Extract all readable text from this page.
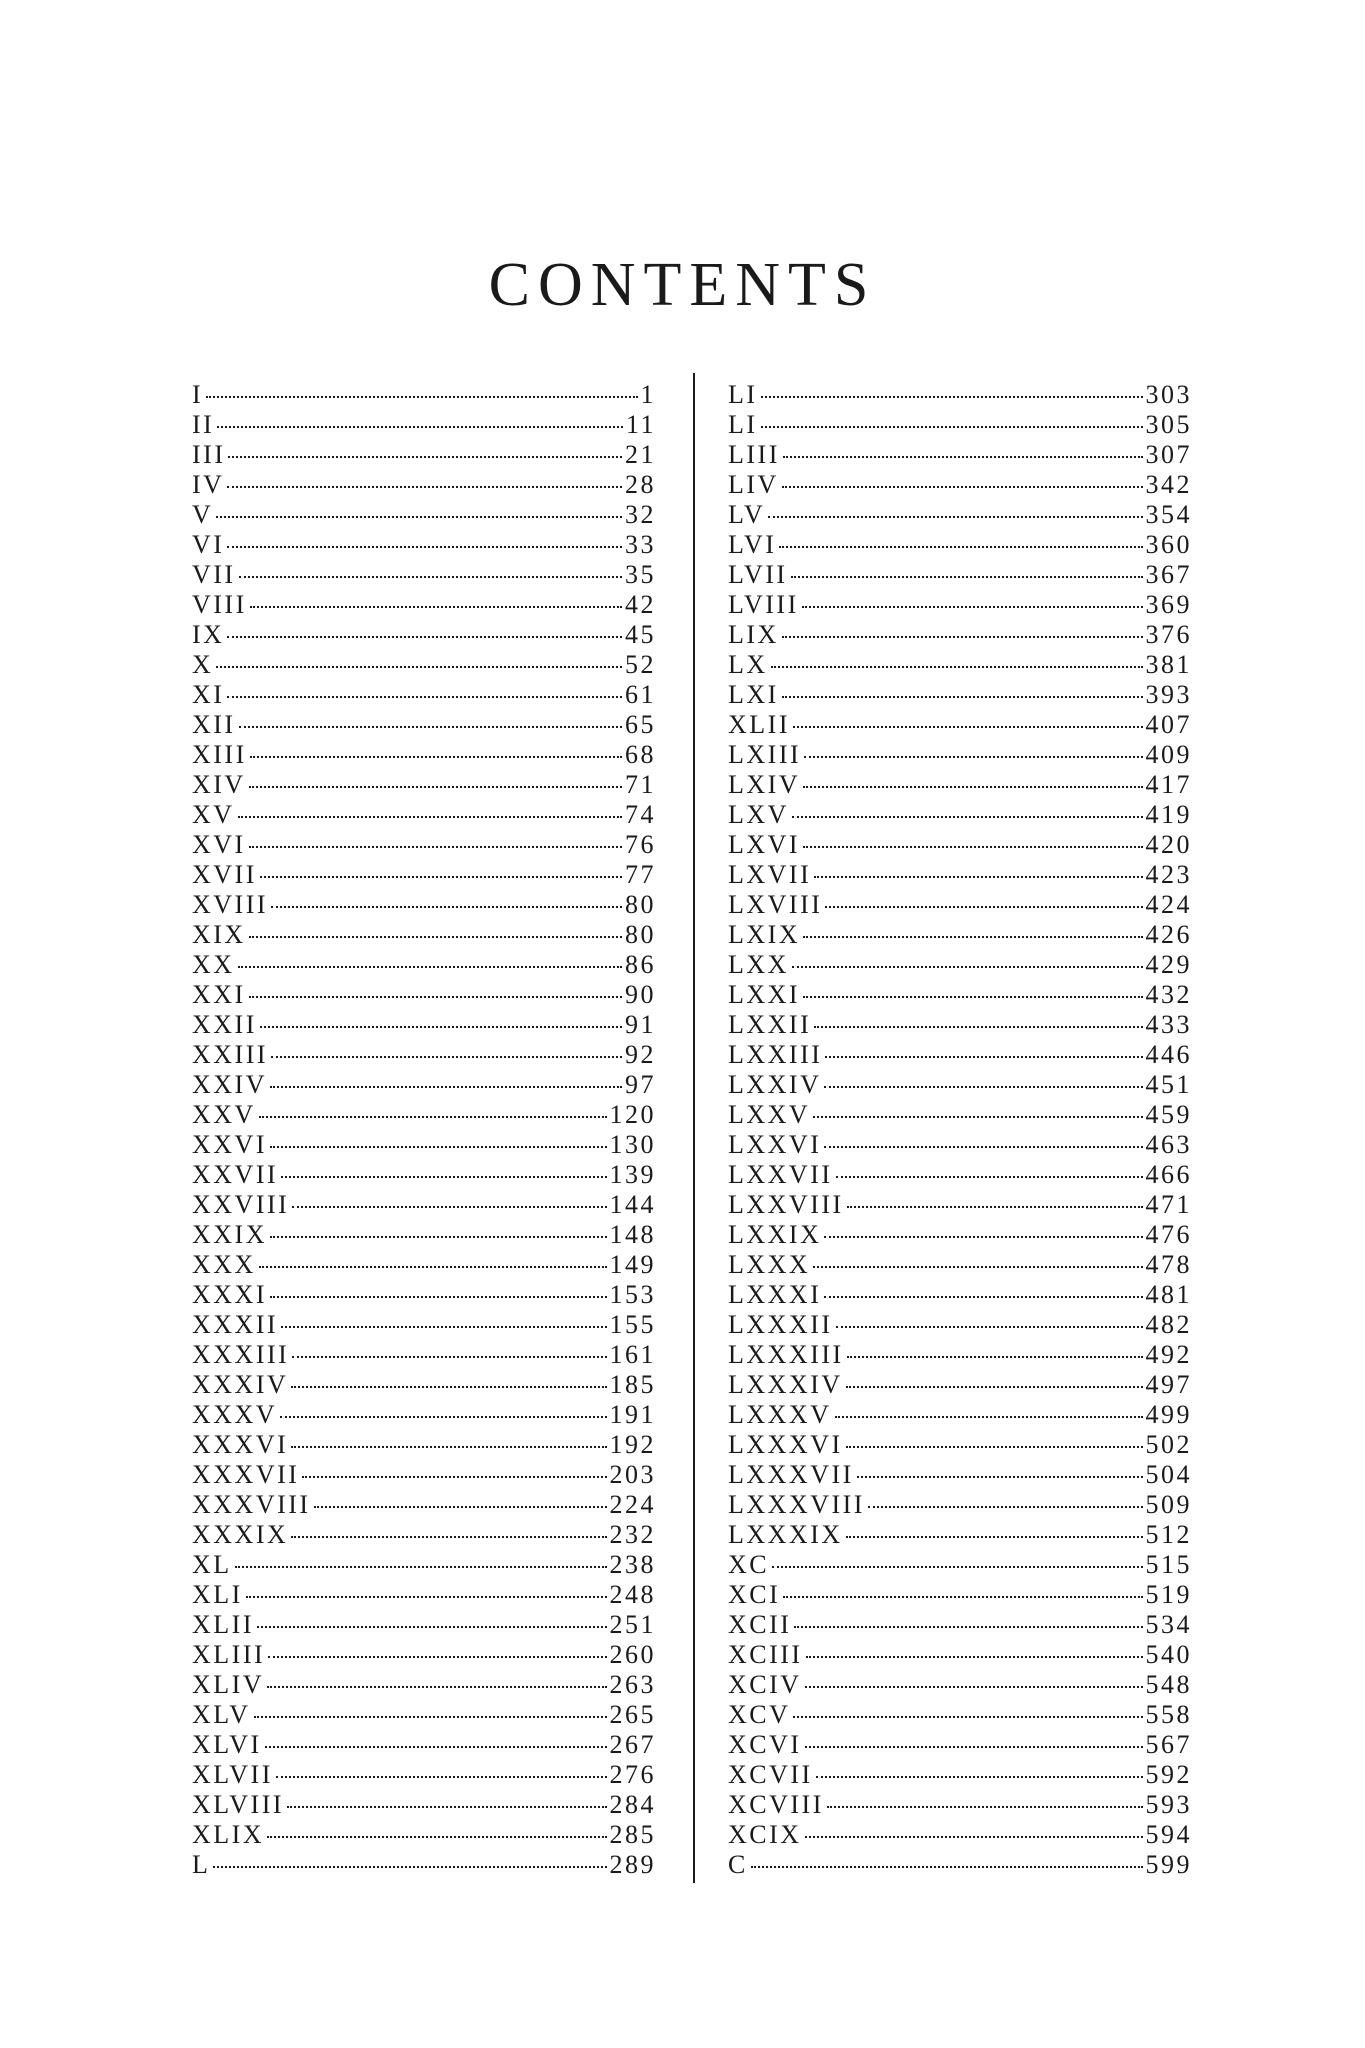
CONTENTS
I	1
II	11
III	21
IV	28
V	32
VI	33
VII	35
VIII	42
IX	45
X	52
XI	61
XII	65
XIII	68
XIV	71
XV	74
XVI	76
XVII	77
XVIII	80
XIX	80
XX	86
XXI	90
XXII	91
XXIII	92
XXIV	97
XXV	120
XXVI	130
XXVII	139
XXVIII	144
XXIX	148
XXX	149
XXXI	153
XXXII	155
XXXIII	161
XXXIV	185
XXXV	191
XXXVI	192
XXXVII	203
XXXVIII	224
XXXIX	232
XL	238
XLI	248
XLII	251
XLIII	260
XLIV	263
XLV	265
XLVI	267
XLVII	276
XLVIII	284
XLIX	285
L	289
LI	303
LI	305
LIII	307
LIV	342
LV	354
LVI	360
LVII	367
LVIII	369
LIX	376
LX	381
LXI	393
XLII	407
LXIII	409
LXIV	417
LXV	419
LXVI	420
LXVII	423
LXVIII	424
LXIX	426
LXX	429
LXXI	432
LXXII	433
LXXIII	446
LXXIV	451
LXXV	459
LXXVI	463
LXXVII	466
LXXVIII	471
LXXIX	476
LXXX	478
LXXXI	481
LXXXII	482
LXXXIII	492
LXXXIV	497
LXXXV	499
LXXXVI	502
LXXXVII	504
LXXXVIII	509
LXXXIX	512
XC	515
XCI	519
XCII	534
XCIII	540
XCIV	548
XCV	558
XCVI	567
XCVII	592
XCVIII	593
XCIX	594
C	599
